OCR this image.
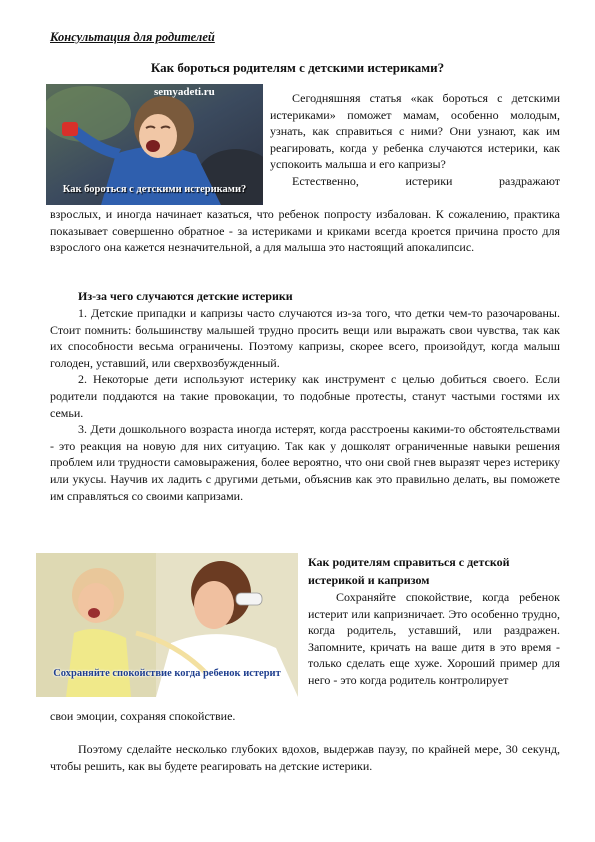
Консультация для родителей
Как бороться родителям с детскими истериками?
semyadeti.ru
Как бороться с детскими истериками?

Сегодняшняя статья «как бороться с детскими истериками» поможет мамам, особенно молодым, узнать, как справиться с ними? Они узнают, как им реагировать, когда у ребенка случаются истерики, как успокоить малыша и его капризы?

Естественно, истерики раздражают

взрослых, и иногда начинает казаться, что ребенок попросту избалован. К сожалению, практика показывает совершенно обратное - за истериками и криками всегда кроется причина просто для взрослого она кажется незначительной, а для малыша это настоящий апокалипсис.

Из-за чего случаются детские истерики

1. Детские припадки и капризы часто случаются из-за того, что детки чем-то разочарованы. Стоит помнить: большинству малышей трудно просить вещи или выражать свои чувства, так как их способности весьма ограничены. Поэтому капризы, скорее всего, произойдут, когда малыш голоден, уставший, или сверхвозбужденный.

2. Некоторые дети используют истерику как инструмент с целью добиться своего. Если родители поддаются на такие провокации, то подобные протесты, станут частыми гостями их семьи.

3. Дети дошкольного возраста иногда истерят, когда расстроены какими-то обстоятельствами - это реакция на новую для них ситуацию. Так как у дошколят ограниченные навыки решения проблем или трудности самовыражения, более вероятно, что они свой гнев выразят через истерику или укусы. Научив их ладить с другими детьми, объяснив как это правильно делать, вы поможете им справляться со своими капризами.

Сохраняйте спокойствие когда ребенок истерит
Как родителям справиться с детской истерикой и капризом

Сохраняйте спокойствие, когда ребенок истерит или капризничает. Это особенно трудно, когда родитель, уставший, или раздражен. Запомните, кричать на ваше дитя в это время - только сделать еще хуже. Хороший пример для него - это когда родитель контролирует

свои эмоции, сохраняя спокойствие.

Поэтому сделайте несколько глубоких вдохов, выдержав паузу, по крайней мере, 30 секунд, чтобы решить, как вы будете реагировать на детские истерики.
